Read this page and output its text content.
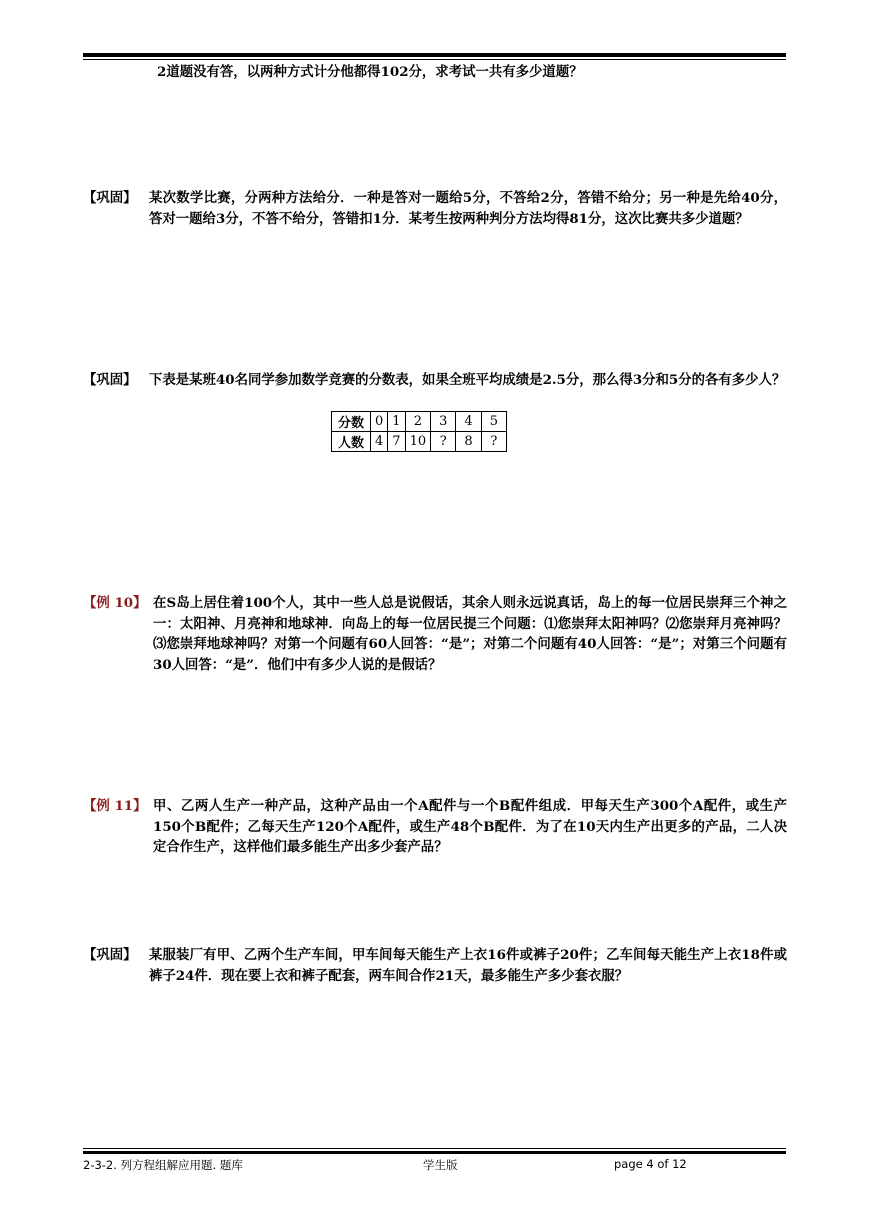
2道题没有答，以两种方式计分他都得102分，求考试一共有多少道题？
【巩固】 某次数学比赛，分两种方法给分．一种是答对一题给5分，不答给2分，答错不给分；另一种是先给40分，答对一题给3分，不答不给分，答错扣1分．某考生按两种判分方法均得81分，这次比赛共多少道题？
【巩固】 下表是某班40名同学参加数学竞赛的分数表，如果全班平均成绩是2.5分，那么得3分和5分的各有多少人？
分数	0	1	2	3	4	5
人数	4	7	10	?	8	?
【例 10】 在S岛上居住着100个人，其中一些人总是说假话，其余人则永远说真话，岛上的每一位居民崇拜三个神之一：太阳神、月亮神和地球神．向岛上的每一位居民提三个问题：⑴您崇拜太阳神吗？⑵您崇拜月亮神吗？⑶您崇拜地球神吗？对第一个问题有60人回答：“是”；对第二个问题有40人回答：“是”；对第三个问题有30人回答：“是”．他们中有多少人说的是假话？
【例 11】 甲、乙两人生产一种产品，这种产品由一个A配件与一个B配件组成．甲每天生产300个A配件，或生产150个B配件；乙每天生产120个A配件，或生产48个B配件．为了在10天内生产出更多的产品，二人决定合作生产，这样他们最多能生产出多少套产品？
【巩固】 某服装厂有甲、乙两个生产车间，甲车间每天能生产上衣16件或裤子20件；乙车间每天能生产上衣18件或裤子24件．现在要上衣和裤子配套，两车间合作21天，最多能生产多少套衣服？
2-3-2. 列方程组解应用题. 题库	学生版	page 4 of 12
